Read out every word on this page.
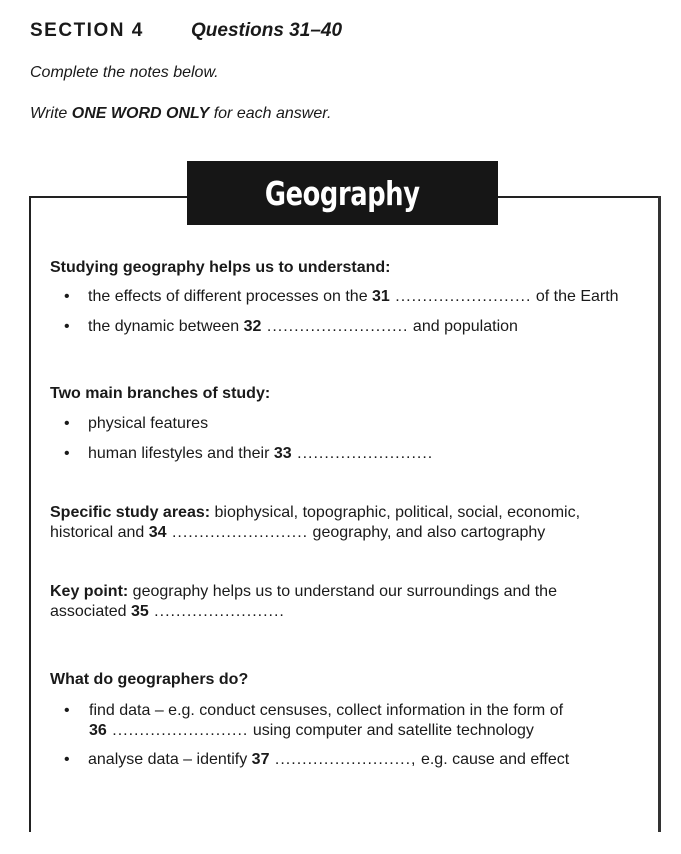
SECTION 4 Questions 31–40
Complete the notes below.
Write ONE WORD ONLY for each answer.
Geography
Studying geography helps us to understand:
• the effects of different processes on the 31 ......................... of the Earth
• the dynamic between 32 .......................... and population
Two main branches of study:
• physical features
• human lifestyles and their 33 .........................
Specific study areas: biophysical, topographic, political, social, economic,
historical and 34 ......................... geography, and also cartography
Key point: geography helps us to understand our surroundings and the
associated 35 ........................
What do geographers do?
• find data – e.g. conduct censuses, collect information in the form of
36 ......................... using computer and satellite technology
• analyse data – identify 37 ........................., e.g. cause and effect
